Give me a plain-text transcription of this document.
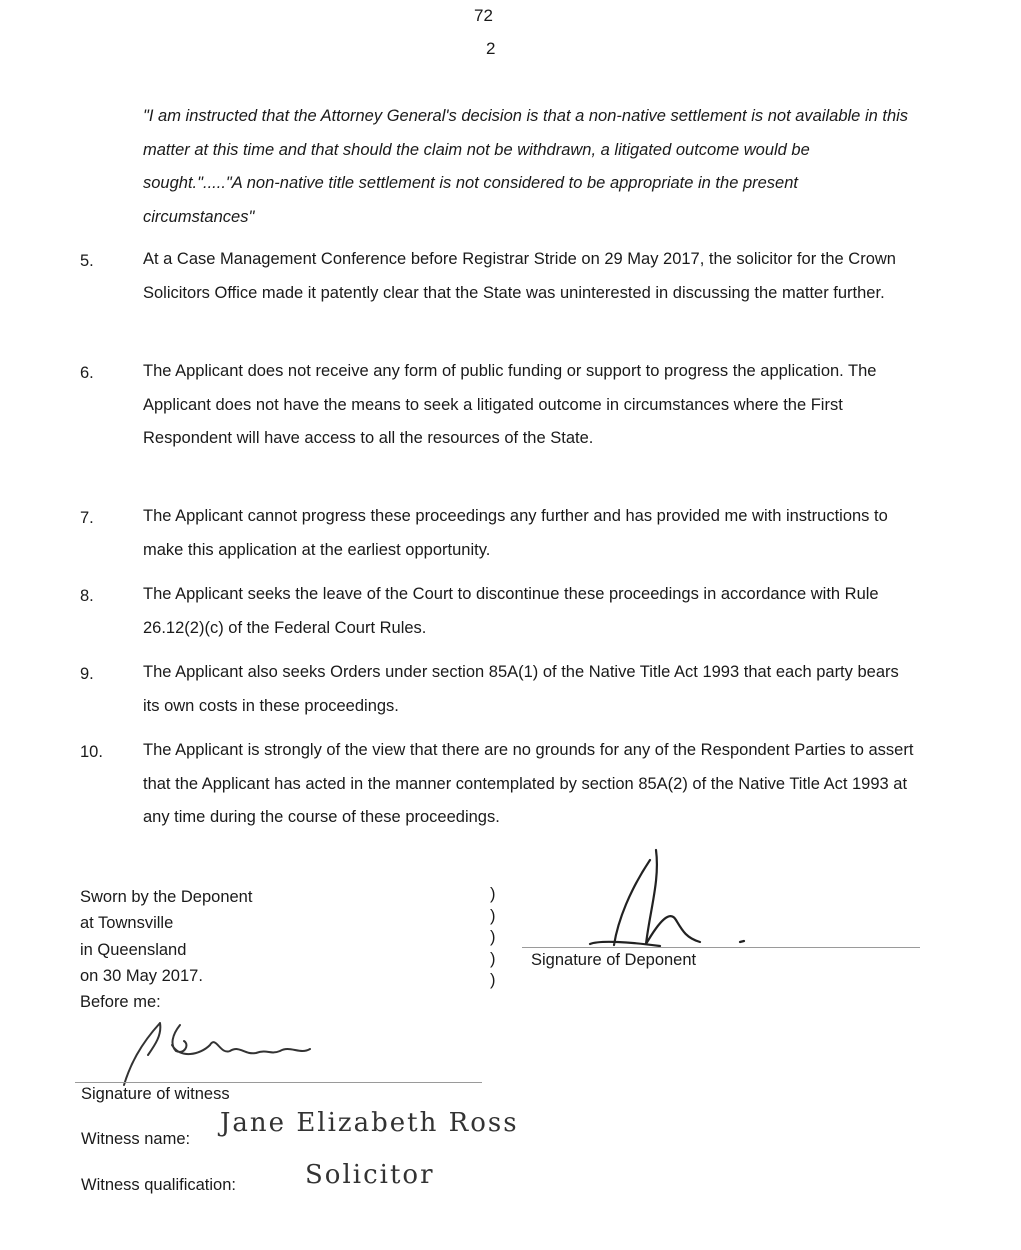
72
2
"I am instructed that the Attorney General's decision is that a non-native settlement is not available in this matter at this time and that should the claim not be withdrawn, a litigated outcome would be sought."....."A non-native title settlement is not considered to be appropriate in the present circumstances"
5.	At a Case Management Conference before Registrar Stride on 29 May 2017, the solicitor for the Crown Solicitors Office made it patently clear that the State was uninterested in discussing the matter further.
6.	The Applicant does not receive any form of public funding or support to progress the application. The Applicant does not have the means to seek a litigated outcome in circumstances where the First Respondent will have access to all the resources of the State.
7.	The Applicant cannot progress these proceedings any further and has provided me with instructions to make this application at the earliest opportunity.
8.	The Applicant seeks the leave of the Court to discontinue these proceedings in accordance with Rule 26.12(2)(c) of the Federal Court Rules.
9.	The Applicant also seeks Orders under section 85A(1) of the Native Title Act 1993 that each party bears its own costs in these proceedings.
10. The Applicant is strongly of the view that there are no grounds for any of the Respondent Parties to assert that the Applicant has acted in the manner contemplated by section 85A(2) of the Native Title Act 1993 at any time during the course of these proceedings.
Sworn by the Deponent
at Townsville
in Queensland
on 30 May 2017.
Before me:
)
)
)
)
)
Signature of Deponent
Signature of witness
Witness name:
Jane Elizabeth Ross
Witness qualification:	Solicitor
